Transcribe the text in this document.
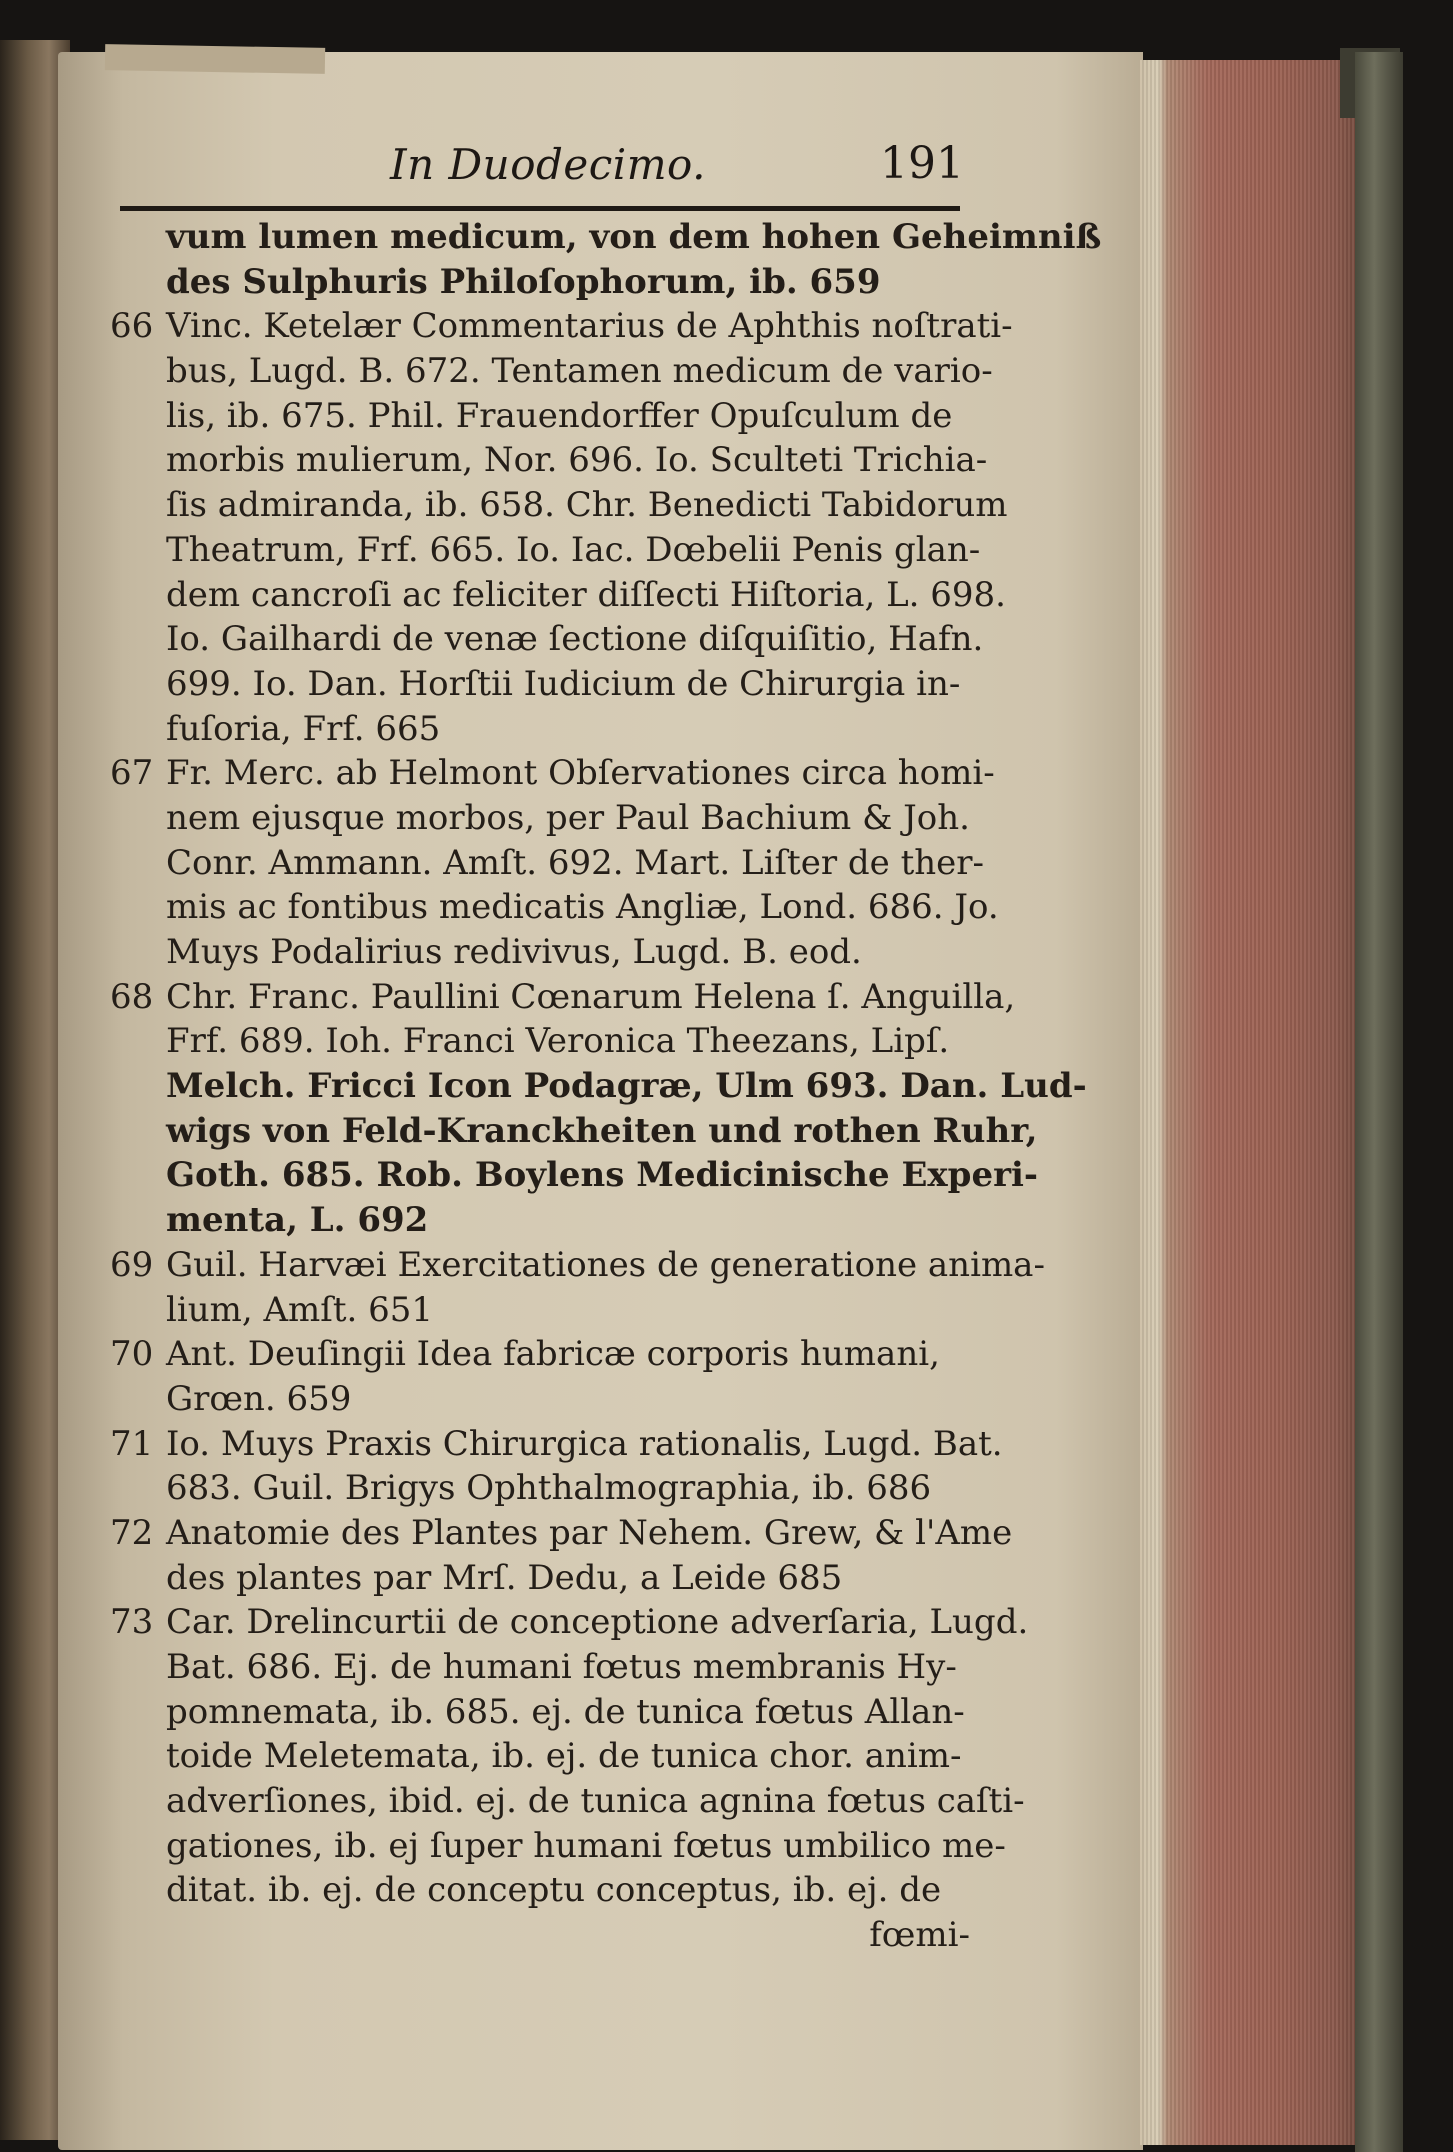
In Duodecimo.	191
vum lumen medicum, von dem hohen Geheimniß
des Sulphuris Philoſophorum, ib. 659
66 Vinc. Ketelær Commentarius de Aphthis noſtrati-
bus, Lugd. B. 672. Tentamen medicum de vario-
lis, ib. 675. Phil. Frauendorffer Opuſculum de
morbis mulierum, Nor. 696. Io. Sculteti Trichia-
ſis admiranda, ib. 658. Chr. Benedicti Tabidorum
Theatrum, Frf. 665. Io. Iac. Dœbelii Penis glan-
dem cancroſi ac feliciter diſſecti Hiſtoria, L. 698.
Io. Gailhardi de venæ ſectione diſquiſitio, Hafn.
699. Io. Dan. Horſtii Iudicium de Chirurgia in-
fuſoria, Frf. 665
67 Fr. Merc. ab Helmont Obſervationes circa homi-
nem ejusque morbos, per Paul Bachium & Joh.
Conr. Ammann. Amſt. 692. Mart. Liſter de ther-
mis ac fontibus medicatis Angliæ, Lond. 686. Jo.
Muys Podalirius redivivus, Lugd. B. eod.
68 Chr. Franc. Paullini Cœnarum Helena ſ. Anguilla,
Frf. 689. Ioh. Franci Veronica Theezans, Lipſ.
Melch. Fricci Icon Podagræ, Ulm 693. Dan. Lud-
wigs von Feld-Kranckheiten und rothen Ruhr,
Goth. 685. Rob. Boylens Medicinische Experi-
menta, L. 692
69 Guil. Harvæi Exercitationes de generatione anima-
lium, Amſt. 651
70 Ant. Deuſingii Idea fabricæ corporis humani,
Grœn. 659
71 Io. Muys Praxis Chirurgica rationalis, Lugd. Bat.
683. Guil. Brigys Ophthalmographia, ib. 686
72 Anatomie des Plantes par Nehem. Grew, & l'Ame
des plantes par Mrſ. Dedu, a Leide 685
73 Car. Drelincurtii de conceptione adverſaria, Lugd.
Bat. 686. Ej. de humani fœtus membranis Hy-
pomnemata, ib. 685. ej. de tunica fœtus Allan-
toide Meletemata, ib. ej. de tunica chor. anim-
adverſiones, ibid. ej. de tunica agnina fœtus caſti-
gationes, ib. ej ſuper humani fœtus umbilico me-
ditat. ib. ej. de conceptu conceptus, ib. ej. de
fœmi-
